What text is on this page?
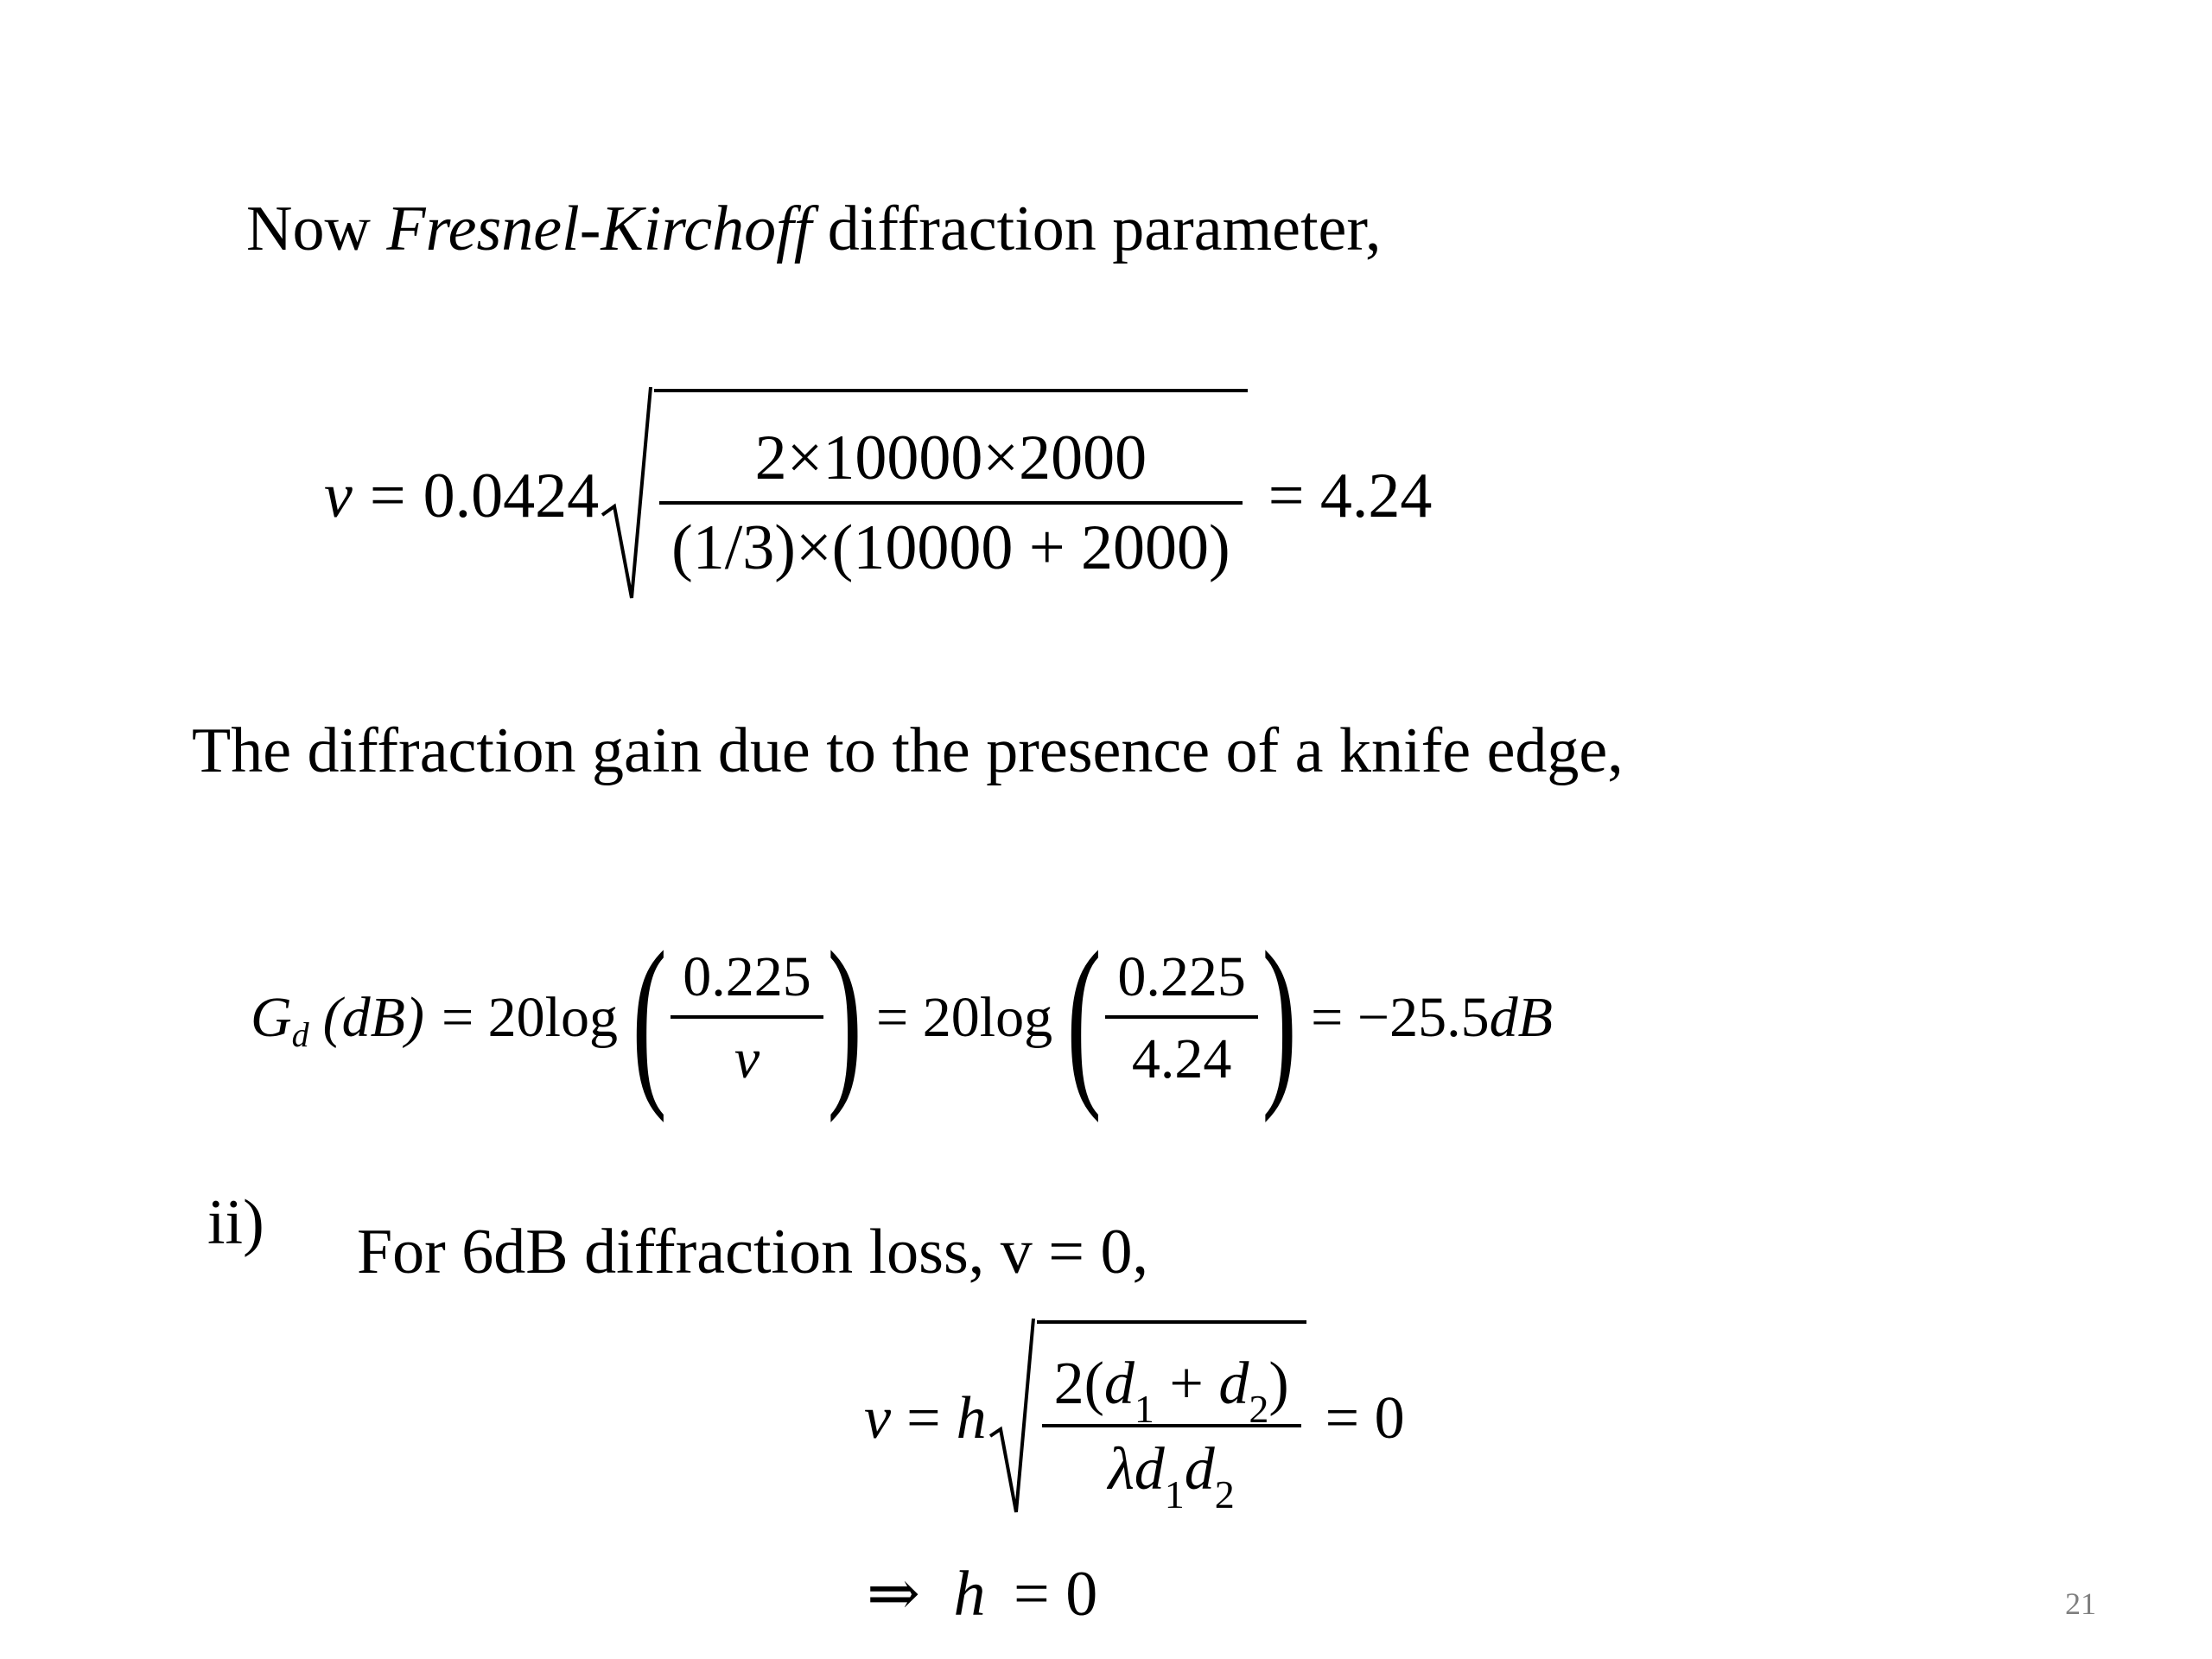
Now Fresnel-Kirchoff diffraction parameter,
$v = 0.0424 \frac{2\times 10000\times 2000}{(1/3)\times(10000 + 2000)} = 4.24$
The diffraction gain due to the presence of a knife edge,
G d (dB) = 20log ( $\frac{0.225}{v}$ ) = 20log ( $\frac{0.225}{4.24}$ ) = −25.5 dB
ii) For 6dB diffraction loss, v = 0,
v = h $\frac{2(d_1 + d_2)}{\lambda d_1d_2} = 0$
⇒ h = 0	21
